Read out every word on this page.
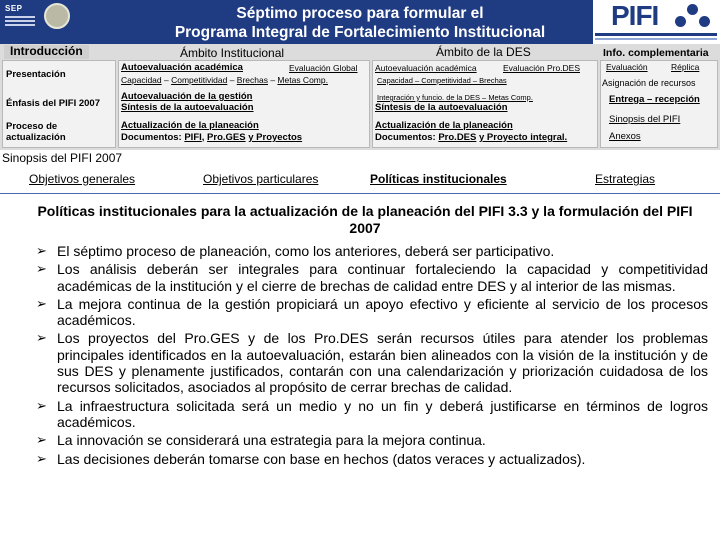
SEP	Séptimo proceso para formular el
Programa Integral de Fortalecimiento Institucional
PIFI
Introducción	Ámbito Institucional	Ámbito de la DES	Info. complementaria
Presentación
Énfasis del PIFI 2007
Proceso de
actualización
Autoevaluación académica	Evaluación Global
Capacidad – Competitividad – Brechas – Metas Comp.
Autoevaluación de la gestión
Síntesis de la autoevaluación
Actualización de la planeación
Documentos: PIFI, Pro.GES y Proyectos
Autoevaluación académica	Evaluación Pro.DES
Capacidad – Competitividad – Brechas
Integración y funcio. de la DES – Metas Comp.
Síntesis de la autoevaluación
Actualización de la planeación
Documentos: Pro.DES y Proyecto integral.
Evaluación	Réplica
Asignación de recursos
Entrega – recepción
Sinopsis del PIFI
Anexos
Sinopsis del PIFI 2007
Objetivos generales	Objetivos particulares	Políticas institucionales	Estrategias
Políticas institucionales para la actualización de la planeación del PIFI 3.3 y la formulación del PIFI 2007
➢ El séptimo proceso de planeación, como los anteriores, deberá ser participativo.
➢ Los análisis deberán ser integrales para continuar fortaleciendo la capacidad y competitividad académicas de la institución y el cierre de brechas de calidad entre DES y al interior de las mismas.
➢ La mejora continua de la gestión propiciará un apoyo efectivo y eficiente al servicio de los procesos académicos.
➢ Los proyectos del Pro.GES y de los Pro.DES serán recursos útiles para atender los problemas principales identificados en la autoevaluación, estarán bien alineados con la visión de la institución y de sus DES y plenamente justificados, contarán con una calendarización y priorización cuidadosa de los recursos solicitados, asociados al propósito de cerrar brechas de calidad.
➢ La infraestructura solicitada será un medio y no un fin y deberá justificarse en términos de logros académicos.
➢ La innovación se considerará una estrategia para la mejora continua.
➢ Las decisiones deberán tomarse con base en hechos (datos veraces y actualizados).
